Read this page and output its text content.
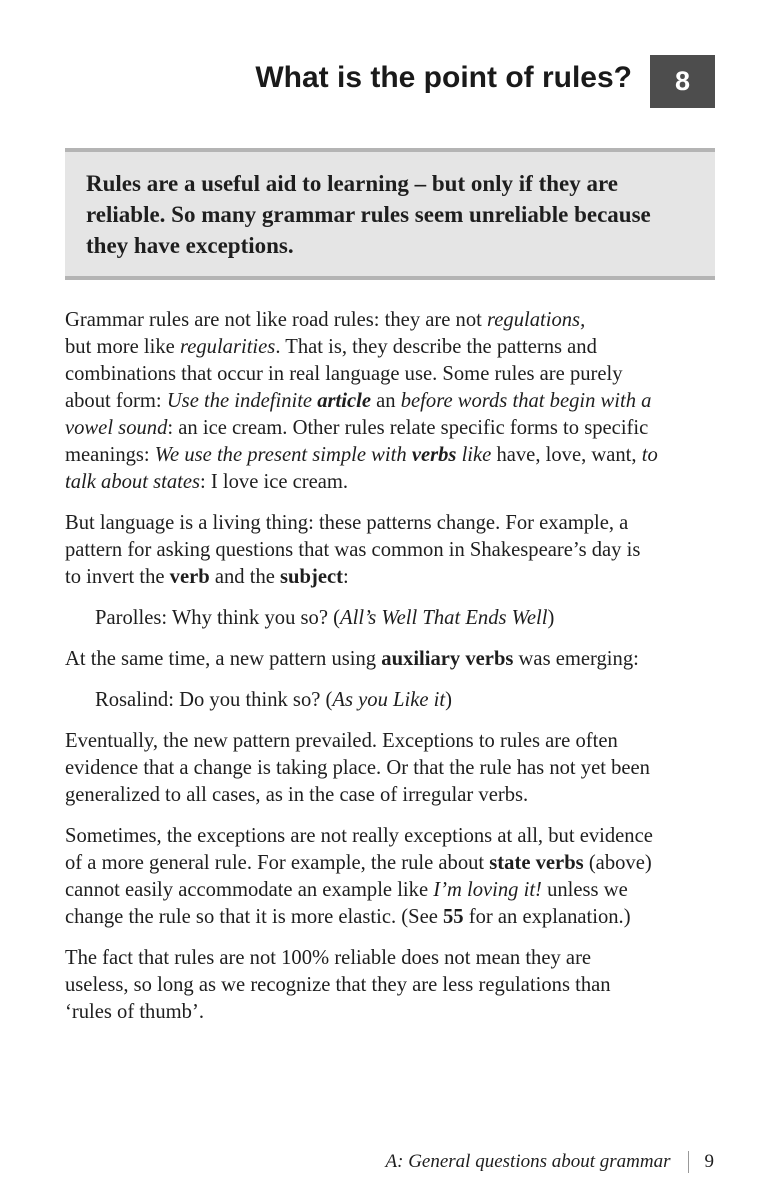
What is the point of rules?	8
Rules are a useful aid to learning – but only if they are reliable. So many grammar rules seem unreliable because they have exceptions.

Grammar rules are not like road rules: they are not regulations,
but more like regularities. That is, they describe the patterns and
combinations that occur in real language use. Some rules are purely
about form: Use the indefinite article an before words that begin with a
vowel sound: an ice cream. Other rules relate specific forms to specific
meanings: We use the present simple with verbs like have, love, want, to
talk about states: I love ice cream.

But language is a living thing: these patterns change. For example, a
pattern for asking questions that was common in Shakespeare’s day is
to invert the verb and the subject:

Parolles: Why think you so? (All’s Well That Ends Well)

At the same time, a new pattern using auxiliary verbs was emerging:

Rosalind: Do you think so? (As you Like it)

Eventually, the new pattern prevailed. Exceptions to rules are often
evidence that a change is taking place. Or that the rule has not yet been
generalized to all cases, as in the case of irregular verbs.

Sometimes, the exceptions are not really exceptions at all, but evidence
of a more general rule. For example, the rule about state verbs (above)
cannot easily accommodate an example like I’m loving it! unless we
change the rule so that it is more elastic. (See 55 for an explanation.)

The fact that rules are not 100% reliable does not mean they are
useless, so long as we recognize that they are less regulations than
‘rules of thumb’.

A: General questions about grammar 9
